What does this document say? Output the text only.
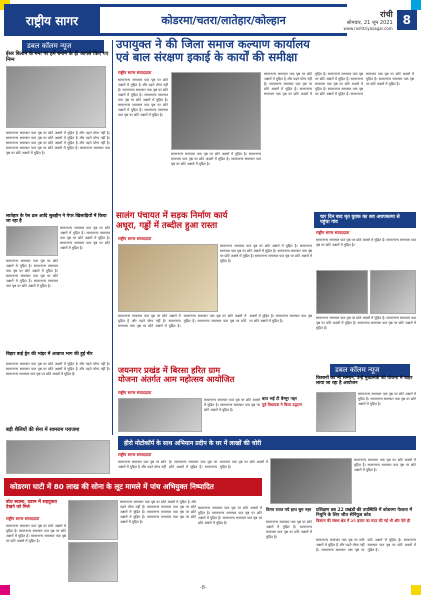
राष्ट्रीय सागर	कोडरमा/चतरा/लातेहार/कोल्हान	रांची
सोमवार, 21 जून 2021
www.rashtriyasagar.com
8
डबल कॉलम न्यूज
ईसर बिलाने के मना पर हमें बनाने के ही आपसे किए गए निम्न
सामानान्य समाचार पाठ पृष्ठ पर छोटे अक्षरों में मुद्रित है और पढ़ने योग्य नहीं है। सामानान्य समाचार पाठ पृष्ठ पर छोटे अक्षरों में मुद्रित है और पढ़ने योग्य नहीं है। सामानान्य समाचार पाठ पृष्ठ पर छोटे अक्षरों में मुद्रित है और पढ़ने योग्य नहीं है। सामानान्य समाचार पाठ पृष्ठ पर छोटे अक्षरों में मुद्रित है। सामानान्य समाचार पाठ पृष्ठ पर छोटे अक्षरों में मुद्रित है।
लातेहार के रेल ढल आदि सुन्नहीन ने पेपर खिलाड़ियों में किया जा रहा है
सामानान्य समाचार पाठ पृष्ठ पर छोटे अक्षरों में मुद्रित है। सामानान्य समाचार पाठ पृष्ठ पर छोटे अक्षरों में मुद्रित है। सामानान्य समाचार पाठ पृष्ठ पर छोटे अक्षरों में मुद्रित है।
सामानान्य समाचार पाठ पृष्ठ पर छोटे अक्षरों में मुद्रित है। सामानान्य समाचार पाठ पृष्ठ पर छोटे अक्षरों में मुद्रित है। सामानान्य समाचार पाठ पृष्ठ पर छोटे अक्षरों में मुद्रित है। सामानान्य समाचार पाठ पृष्ठ पर छोटे अक्षरों में मुद्रित है।
बिहार बाई ड्रेन की भांइर में आवाज भाग की हुई मीर
सामानान्य समाचार पाठ पृष्ठ पर छोटे अक्षरों में मुद्रित है और पढ़ने योग्य नहीं है। सामानान्य समाचार पाठ पृष्ठ पर छोटे अक्षरों में मुद्रित है और पढ़ने योग्य नहीं है। सामानान्य समाचार पाठ पृष्ठ पर छोटे अक्षरों में मुद्रित है।
बड़ी शैलियों की सेना में सामराम पराजमा
उपायुक्त ने की जिला समाज कल्याण कार्यालय
एवं बाल संरक्षण इकाई के कार्यों की समीक्षा
राष्ट्रीय सागर संवाददाता
सामानान्य समाचार पाठ पृष्ठ पर छोटे अक्षरों में मुद्रित है और पढ़ने योग्य नहीं है। सामानान्य समाचार पाठ पृष्ठ पर छोटे अक्षरों में मुद्रित है। सामानान्य समाचार पाठ पृष्ठ पर छोटे अक्षरों में मुद्रित है। सामानान्य समाचार पाठ पृष्ठ पर छोटे अक्षरों में मुद्रित है। सामानान्य समाचार पाठ पृष्ठ पर छोटे अक्षरों में मुद्रित है।
सामानान्य समाचार पाठ पृष्ठ पर छोटे अक्षरों में मुद्रित है। सामानान्य समाचार पाठ पृष्ठ पर छोटे अक्षरों में मुद्रित है। सामानान्य समाचार पाठ पृष्ठ पर छोटे अक्षरों में मुद्रित है।
सामानान्य समाचार पाठ पृष्ठ पर छोटे अक्षरों में मुद्रित है और पढ़ने योग्य नहीं है। सामानान्य समाचार पाठ पृष्ठ पर छोटे अक्षरों में मुद्रित है। सामानान्य समाचार पाठ पृष्ठ पर छोटे अक्षरों में मुद्रित है। सामानान्य समाचार पाठ पृष्ठ पर छोटे अक्षरों में मुद्रित है। सामानान्य समाचार पाठ पृष्ठ पर छोटे अक्षरों में मुद्रित है। सामानान्य समाचार पाठ पृष्ठ पर छोटे अक्षरों में मुद्रित है। सामानान्य समाचार पाठ पृष्ठ पर छोटे अक्षरों में मुद्रित है। सामानान्य समाचार पाठ पृष्ठ पर छोटे अक्षरों में मुद्रित है।
सालंग पंचायत में सड़क निर्माण कार्य
अधूरा, गड्ढों में तब्दील हुआ रास्ता
राष्ट्रीय सागर संवाददाता
सामानान्य समाचार पाठ पृष्ठ पर छोटे अक्षरों में मुद्रित है और पढ़ने योग्य नहीं है। सामानान्य समाचार पाठ पृष्ठ पर छोटे अक्षरों में मुद्रित है। सामानान्य समाचार पाठ पृष्ठ पर छोटे अक्षरों में मुद्रित है। सामानान्य समाचार पाठ पृष्ठ पर छोटे अक्षरों में मुद्रित है। सामानान्य समाचार पाठ पृष्ठ पर छोटे अक्षरों में मुद्रित है।
सामानान्य समाचार पाठ पृष्ठ पर छोटे अक्षरों में मुद्रित है। सामानान्य समाचार पाठ पृष्ठ पर छोटे अक्षरों में मुद्रित है। सामानान्य समाचार पाठ पृष्ठ पर छोटे अक्षरों में मुद्रित है। सामानान्य समाचार पाठ पृष्ठ पर छोटे अक्षरों में मुद्रित है।
चार दिन बाद मृत युवक का शव अधपकामा से पहुंचा गांव
राष्ट्रीय सागर संवाददाता
सामानान्य समाचार पाठ पृष्ठ पर छोटे अक्षरों में मुद्रित है। सामानान्य समाचार पाठ पृष्ठ पर छोटे अक्षरों में मुद्रित है।
सामानान्य समाचार पाठ पृष्ठ पर छोटे अक्षरों में मुद्रित है। सामानान्य समाचार पाठ पृष्ठ पर छोटे अक्षरों में मुद्रित है। सामानान्य समाचार पाठ पृष्ठ पर छोटे अक्षरों में मुद्रित है।
डबल कॉलम न्यूज
किसानों का भी सम्मान, उन्हें मुख्यमंत्री की योजना में बाहर लाया जा रहा है आयोजन
सामानान्य समाचार पाठ पृष्ठ पर छोटे अक्षरों में मुद्रित है। सामानान्य समाचार पाठ पृष्ठ पर छोटे अक्षरों में मुद्रित है।
जयनगर प्रखंड में बिरसा हरित ग्राम
योजना अंतर्गत आम महोत्सव आयोजित
राष्ट्रीय सागर संवाददाता
सामानान्य समाचार पाठ पृष्ठ पर छोटे अक्षरों में मुद्रित है। सामानान्य समाचार पाठ पृष्ठ पर छोटे अक्षरों में मुद्रित है।
बात भई टी बैम्मूर नहर
पूर्व विधायक ने किया उद्घाटन
हीरो मोटोकॉर्प के साथ अभियान प्रदीप के घर में लाखों की चोरी
राष्ट्रीय सागर संवाददाता
सामानान्य समाचार पाठ पृष्ठ पर छोटे अक्षरों में मुद्रित है और पढ़ने योग्य नहीं है। सामानान्य समाचार पाठ पृष्ठ पर छोटे अक्षरों में मुद्रित है। सामानान्य समाचार पाठ पृष्ठ पर छोटे अक्षरों में मुद्रित है।
सामानान्य समाचार पाठ पृष्ठ पर छोटे अक्षरों में मुद्रित है। सामानान्य समाचार पाठ पृष्ठ पर छोटे अक्षरों में मुद्रित है।
कोडरमा घाटी में 80 लाख की सोना के लूट मामले में पांच अभियुक्त निष्पादित
बोध स्वास्थ, दवाम में सहयुक्ता देखने को मिले
राष्ट्रीय सागर संवाददाता
सामानान्य समाचार पाठ पृष्ठ पर छोटे अक्षरों में मुद्रित है। सामानान्य समाचार पाठ पृष्ठ पर छोटे अक्षरों में मुद्रित है। सामानान्य समाचार पाठ पृष्ठ पर छोटे अक्षरों में मुद्रित है।
सामानान्य समाचार पाठ पृष्ठ पर छोटे अक्षरों में मुद्रित है और पढ़ने योग्य नहीं है। सामानान्य समाचार पाठ पृष्ठ पर छोटे अक्षरों में मुद्रित है। सामानान्य समाचार पाठ पृष्ठ पर छोटे अक्षरों में मुद्रित है। सामानान्य समाचार पाठ पृष्ठ पर छोटे अक्षरों में मुद्रित है।
सामानान्य समाचार पाठ पृष्ठ पर छोटे अक्षरों में मुद्रित है। सामानान्य समाचार पाठ पृष्ठ पर छोटे अक्षरों में मुद्रित है। सामानान्य समाचार पाठ पृष्ठ पर छोटे अक्षरों में मुद्रित है।
विनय राउत नये हाथ सुरु नहर
सामानान्य समाचार पाठ पृष्ठ पर छोटे अक्षरों में मुद्रित है। सामानान्य समाचार पाठ पृष्ठ पर छोटे अक्षरों में मुद्रित है।
प्रशिक्षण डब 22 प्रखंडों की उपस्थिति में कोडरमा पेलाता में निधुनि के लिए जीत सेनिंफुड कोड
किसान की संस्था क्षेत्र में 25 हजार का मदद की गई भी और ऐसे ही
सामानान्य समाचार पाठ पृष्ठ पर छोटे अक्षरों में मुद्रित है और पढ़ने योग्य नहीं है। सामानान्य समाचार पाठ पृष्ठ पर छोटे अक्षरों में मुद्रित है। सामानान्य समाचार पाठ पृष्ठ पर छोटे अक्षरों में मुद्रित है।
-8-
